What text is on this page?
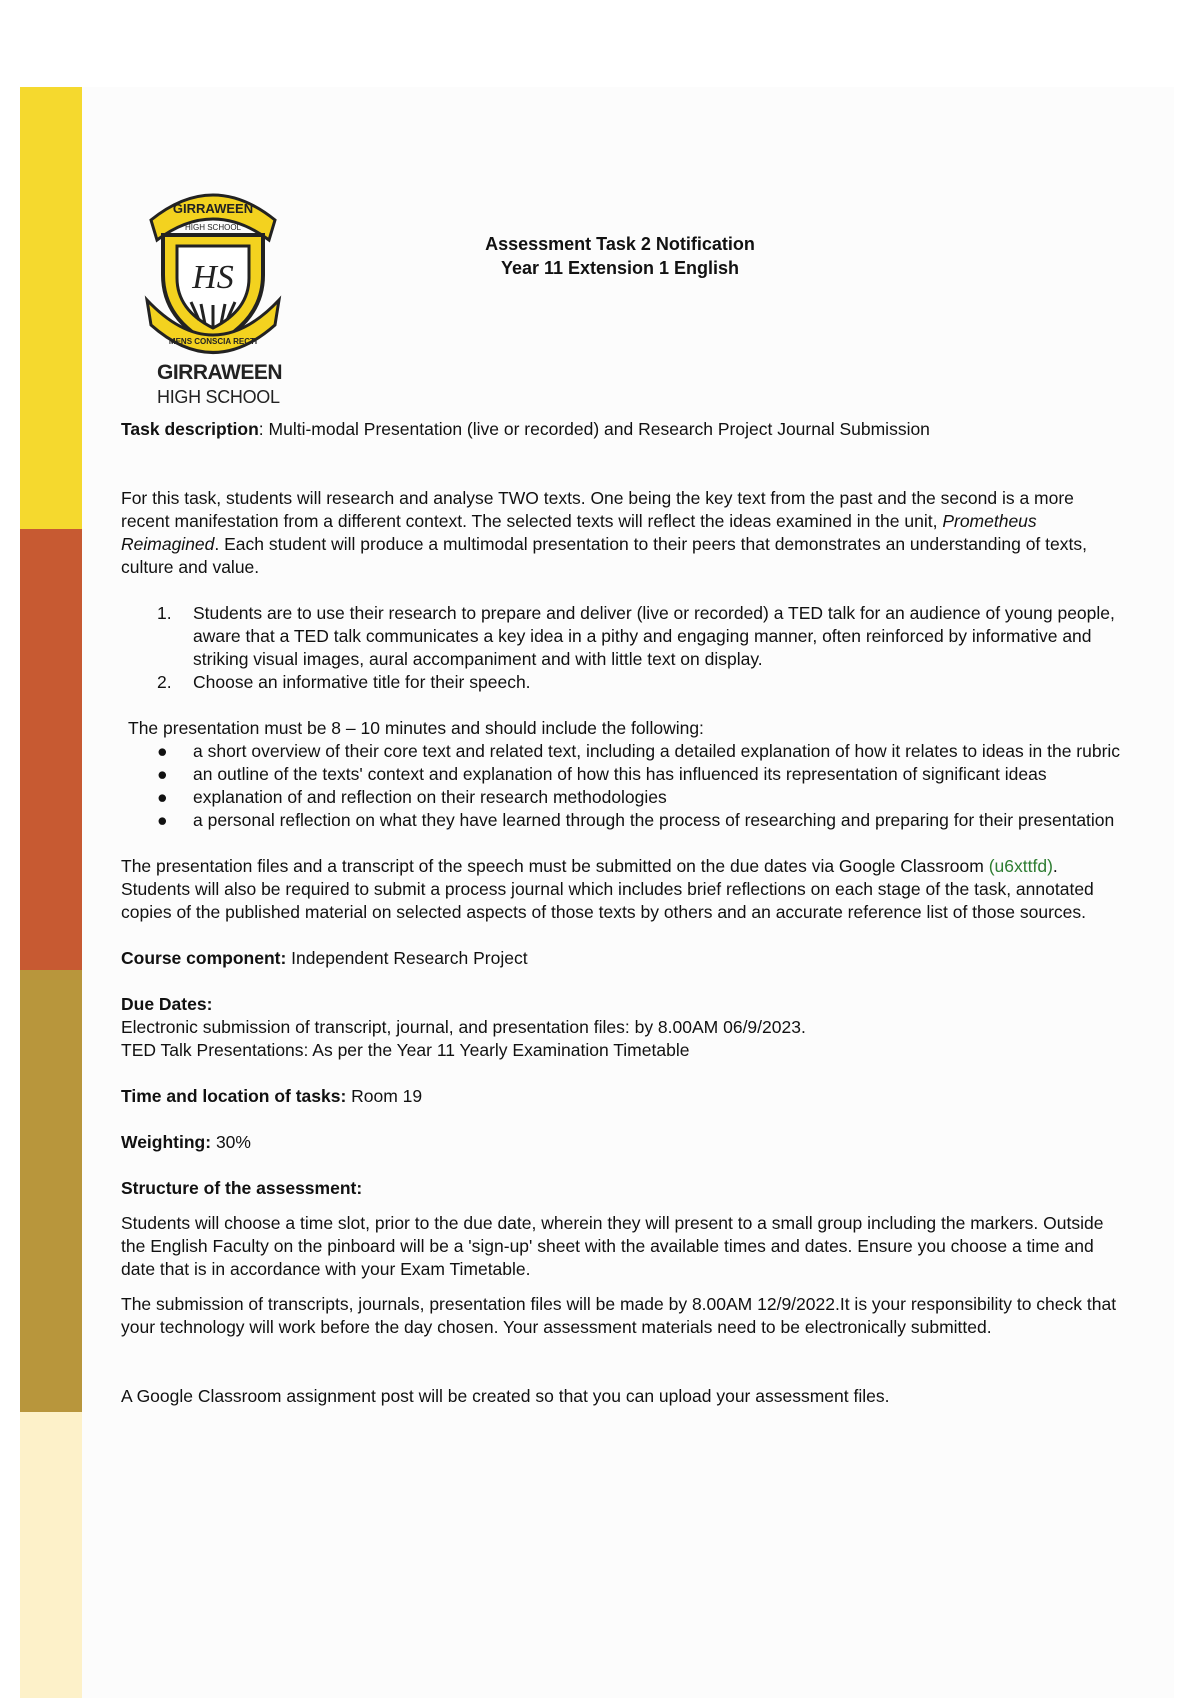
GIRRAWEEN
HIGH SCHOOL
HS
MENS CONSCIA RECTI
GIRRAWEEN
HIGH SCHOOL
Assessment Task 2 Notification
Year 11 Extension 1 English

Task description: Multi-modal Presentation (live or recorded) and Research Project Journal Submission

For this task, students will research and analyse TWO texts. One being the key text from the past and the second is a more recent manifestation from a different context. The selected texts will reflect the ideas examined in the unit, Prometheus Reimagined. Each student will produce a multimodal presentation to their peers that demonstrates an understanding of texts, culture and value.

1. Students are to use their research to prepare and deliver (live or recorded) a TED talk for an audience of young people, aware that a TED talk communicates a key idea in a pithy and engaging manner, often reinforced by informative and striking visual images, aural accompaniment and with little text on display.
2. Choose an informative title for their speech.

The presentation must be 8 – 10 minutes and should include the following:

● a short overview of their core text and related text, including a detailed explanation of how it relates to ideas in the rubric
● an outline of the texts' context and explanation of how this has influenced its representation of significant ideas
● explanation of and reflection on their research methodologies
● a personal reflection on what they have learned through the process of researching and preparing for their presentation

The presentation files and a transcript of the speech must be submitted on the due dates via Google Classroom (u6xttfd). Students will also be required to submit a process journal which includes brief reflections on each stage of the task, annotated copies of the published material on selected aspects of those texts by others and an accurate reference list of those sources.

Course component: Independent Research Project

Due Dates:

Electronic submission of transcript, journal, and presentation files: by 8.00AM 06/9/2023.

TED Talk Presentations: As per the Year 11 Yearly Examination Timetable

Time and location of tasks: Room 19

Weighting: 30%

Structure of the assessment:

Students will choose a time slot, prior to the due date, wherein they will present to a small group including the markers. Outside the English Faculty on the pinboard will be a 'sign-up' sheet with the available times and dates. Ensure you choose a time and date that is in accordance with your Exam Timetable.

The submission of transcripts, journals, presentation files will be made by 8.00AM 12/9/2022.It is your responsibility to check that your technology will work before the day chosen. Your assessment materials need to be electronically submitted.

A Google Classroom assignment post will be created so that you can upload your assessment files.
